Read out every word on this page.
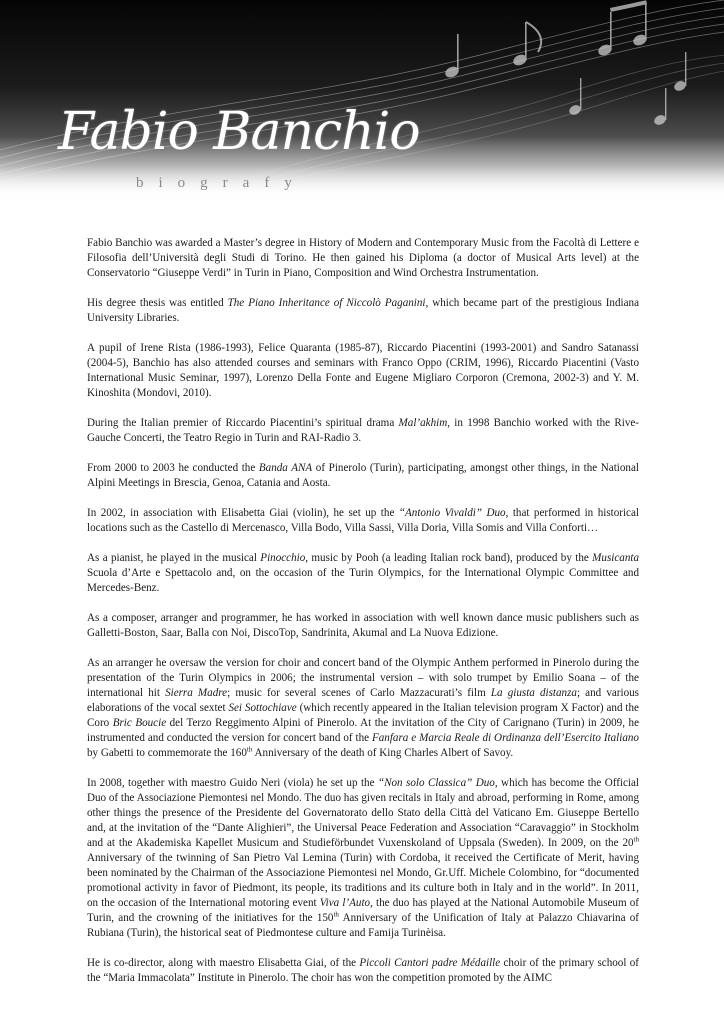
Fabio Banchio
biografy

Fabio Banchio was awarded a Master’s degree in History of Modern and Contemporary Music from the Facoltà di Lettere e Filosofia dell’Università degli Studi di Torino. He then gained his Diploma (a doctor of Musical Arts level) at the Conservatorio “Giuseppe Verdi” in Turin in Piano, Composition and Wind Orchestra Instrumentation.

His degree thesis was entitled The Piano Inheritance of Niccolò Paganini, which became part of the prestigious Indiana University Libraries.

A pupil of Irene Rista (1986-1993), Felice Quaranta (1985-87), Riccardo Piacentini (1993-2001) and Sandro Satanassi (2004-5), Banchio has also attended courses and seminars with Franco Oppo (CRIM, 1996), Riccardo Piacentini (Vasto International Music Seminar, 1997), Lorenzo Della Fonte and Eugene Migliaro Corporon (Cremona, 2002-3) and Y. M. Kinoshita (Mondovi, 2010).

During the Italian premier of Riccardo Piacentini’s spiritual drama Mal’akhim, in 1998 Banchio worked with the Rive-Gauche Concerti, the Teatro Regio in Turin and RAI-Radio 3.

From 2000 to 2003 he conducted the Banda ANA of Pinerolo (Turin), participating, amongst other things, in the National Alpini Meetings in Brescia, Genoa, Catania and Aosta.

In 2002, in association with Elisabetta Giai (violin), he set up the “Antonio Vivaldi” Duo, that performed in historical locations such as the Castello di Mercenasco, Villa Bodo, Villa Sassi, Villa Doria, Villa Somis and Villa Conforti…

As a pianist, he played in the musical Pinocchio, music by Pooh (a leading Italian rock band), produced by the Musicanta Scuola d’Arte e Spettacolo and, on the occasion of the Turin Olympics, for the International Olympic Committee and Mercedes-Benz.

As a composer, arranger and programmer, he has worked in association with well known dance music publishers such as Galletti-Boston, Saar, Balla con Noi, DiscoTop, Sandrinita, Akumal and La Nuova Edizione.

As an arranger he oversaw the version for choir and concert band of the Olympic Anthem performed in Pinerolo during the presentation of the Turin Olympics in 2006; the instrumental version – with solo trumpet by Emilio Soana – of the international hit Sierra Madre; music for several scenes of Carlo Mazzacurati’s film La giusta distanza; and various elaborations of the vocal sextet Sei Sottochiave (which recently appeared in the Italian television program X Factor) and the Coro Bric Boucie del Terzo Reggimento Alpini of Pinerolo. At the invitation of the City of Carignano (Turin) in 2009, he instrumented and conducted the version for concert band of the Fanfara e Marcia Reale di Ordinanza dell’Esercito Italiano by Gabetti to commemorate the 160th Anniversary of the death of King Charles Albert of Savoy.

In 2008, together with maestro Guido Neri (viola) he set up the “Non solo Classica” Duo, which has become the Official Duo of the Associazione Piemontesi nel Mondo. The duo has given recitals in Italy and abroad, performing in Rome, among other things the presence of the Presidente del Governatorato dello Stato della Città del Vaticano Em. Giuseppe Bertello and, at the invitation of the “Dante Alighieri”, the Universal Peace Federation and Association “Caravaggio” in Stockholm and at the Akademiska Kapellet Musicum and Studieförbundet Vuxenskoland of Uppsala (Sweden). In 2009, on the 20th Anniversary of the twinning of San Pietro Val Lemina (Turin) with Cordoba, it received the Certificate of Merit, having been nominated by the Chairman of the Associazione Piemontesi nel Mondo, Gr.Uff. Michele Colombino, for “documented promotional activity in favor of Piedmont, its people, its traditions and its culture both in Italy and in the world”. In 2011, on the occasion of the International motoring event Viva l’Auto, the duo has played at the National Automobile Museum of Turin, and the crowning of the initiatives for the 150th Anniversary of the Unification of Italy at Palazzo Chiavarina of Rubiana (Turin), the historical seat of Piedmontese culture and Famija Turinèisa.

He is co-director, along with maestro Elisabetta Giai, of the Piccoli Cantori padre Médaille choir of the primary school of the “Maria Immacolata” Institute in Pinerolo. The choir has won the competition promoted by the AIMC
